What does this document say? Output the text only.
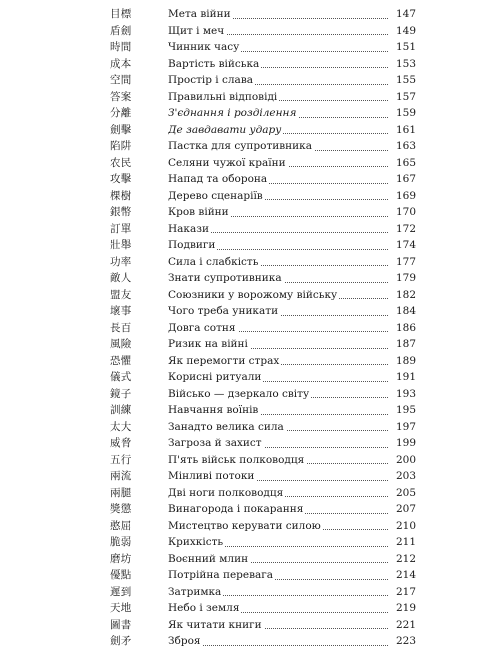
目標	Мета війни	147
盾劍	Щит і меч	149
時間	Чинник часу	151
成本	Вартість війська	153
空間	Простір і слава	155
答案	Правильні відповіді	157
分離	З'єднання і розділення	159
劍擊	Де завдавати удару	161
陷阱	Пастка для супротивника	163
农民	Селяни чужої країни	165
攻擊	Напад та оборона	167
棵樹	Дерево сценаріїв	169
銀幣	Кров війни	170
訂單	Накази	172
壯舉	Подвиги	174
功率	Сила і слабкість	177
敵人	Знати супротивника	179
盟友	Союзники у ворожому війську	182
壞事	Чого треба уникати	184
長百	Довга сотня	186
風險	Ризик на війні	187
恐懼	Як перемогти страх	189
儀式	Корисні ритуали	191
鏡子	Військо — дзеркало світу	193
訓練	Навчання воїнів	195
太大	Занадто велика сила	197
威脅	Загроза й захист	199
五行	П'ять військ полководця	200
兩流	Мінливі потоки	203
兩腿	Дві ноги полководця	205
獎懲	Винагорода і покарання	207
憨屈	Мистецтво керувати силою	210
脆弱	Крихкість	211
磨坊	Воєнний млин	212
優點	Потрійна перевага	214
遲到	Затримка	217
天地	Небо і земля	219
圖書	Як читати книги	221
劍矛	Зброя	223
